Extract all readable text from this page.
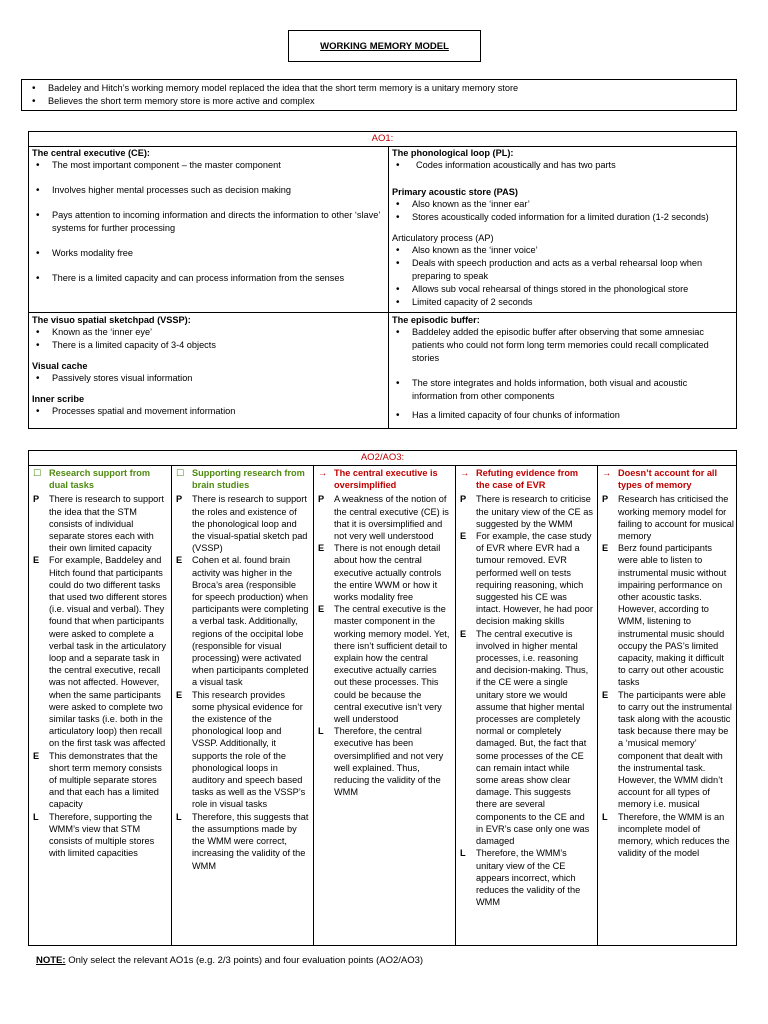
WORKING MEMORY MODEL
• Badeley and Hitch’s working memory model replaced the idea that the short term memory is a unitary memory store
• Believes the short term memory store is more active and complex
AO1:
The central executive (CE):
• The most important component – the master component
• Involves higher mental processes such as decision making
• Pays attention to incoming information and directs the information to other ‘slave’ systems for further processing
• Works modality free
• There is a limited capacity and can process information from the senses
The phonological loop (PL):
• Codes information acoustically and has two parts
Primary acoustic store (PAS)
• Also known as the ‘inner ear’
• Stores acoustically coded information for a limited duration (1-2 seconds)
Articulatory process (AP)
• Also known as the ‘inner voice’
• Deals with speech production and acts as a verbal rehearsal loop when preparing to speak
• Allows sub vocal rehearsal of things stored in the phonological store
• Limited capacity of 2 seconds
The visuo spatial sketchpad (VSSP):
• Known as the ‘inner eye’
• There is a limited capacity of 3-4 objects
Visual cache
• Passively stores visual information
Inner scribe
• Processes spatial and movement information
The episodic buffer:
• Baddeley added the episodic buffer after observing that some amnesiac patients who could not form long term memories could recall complicated stories
• The store integrates and holds information, both visual and acoustic information from other components
• Has a limited capacity of four chunks of information
AO2/AO3:
☐ Research support from dual tasks
P There is research to support the idea that the STM consists of individual separate stores each with their own limited capacity
E For example, Baddeley and Hitch found that participants could do two different tasks that used two different stores (i.e. visual and verbal). They found that when participants were asked to complete a verbal task in the articulatory loop and a separate task in the central executive, recall was not affected. However, when the same participants were asked to complete two similar tasks (i.e. both in the articulatory loop) then recall on the first task was affected
E This demonstrates that the short term memory consists of multiple separate stores and that each has a limited capacity
L Therefore, supporting the WMM’s view that STM consists of multiple stores with limited capacities
☐ Supporting research from brain studies
P There is research to support the roles and existence of the phonological loop and the visual-spatial sketch pad (VSSP)
E Cohen et al. found brain activity was higher in the Broca’s area (responsible for speech production) when participants were completing a verbal task. Additionally, regions of the occipital lobe (responsible for visual processing) were activated when participants completed a visual task
E This research provides some physical evidence for the existence of the phonological loop and VSSP. Additionally, it supports the role of the phonological loops in auditory and speech based tasks as well as the VSSP’s role in visual tasks
L Therefore, this suggests that the assumptions made by the WMM were correct, increasing the validity of the WMM
→ The central executive is oversimplified
P A weakness of the notion of the central executive (CE) is that it is oversimplified and not very well understood
E There is not enough detail about how the central executive actually controls the entire WWM or how it works modality free
E The central executive is the master component in the working memory model. Yet, there isn’t sufficient detail to explain how the central executive actually carries out these processes. This could be because the central executive isn’t very well understood
L Therefore, the central executive has been oversimplified and not very well explained. Thus, reducing the validity of the WMM
→ Refuting evidence from the case of EVR
P There is research to criticise the unitary view of the CE as suggested by the WMM
E For example, the case study of EVR where EVR had a tumour removed. EVR performed well on tests requiring reasoning, which suggested his CE was intact. However, he had poor decision making skills
E The central executive is involved in higher mental processes, i.e. reasoning and decision-making. Thus, if the CE were a single unitary store we would assume that higher mental processes are completely normal or completely damaged. But, the fact that some processes of the CE can remain intact while some areas show clear damage. This suggests there are several components to the CE and in EVR’s case only one was damaged
L Therefore, the WMM’s unitary view of the CE appears incorrect, which reduces the validity of the WMM
→ Doesn’t account for all types of memory
P Research has criticised the working memory model for failing to account for musical memory
E Berz found participants were able to listen to instrumental music without impairing performance on other acoustic tasks. However, according to WMM, listening to instrumental music should occupy the PAS’s limited capacity, making it difficult to carry out other acoustic tasks
E The participants were able to carry out the instrumental task along with the acoustic task because there may be a ‘musical memory’ component that dealt with the instrumental task. However, the WMM didn’t account for all types of memory i.e. musical
L Therefore, the WMM is an incomplete model of memory, which reduces the validity of the model
NOTE: Only select the relevant AO1s (e.g. 2/3 points) and four evaluation points (AO2/AO3)
